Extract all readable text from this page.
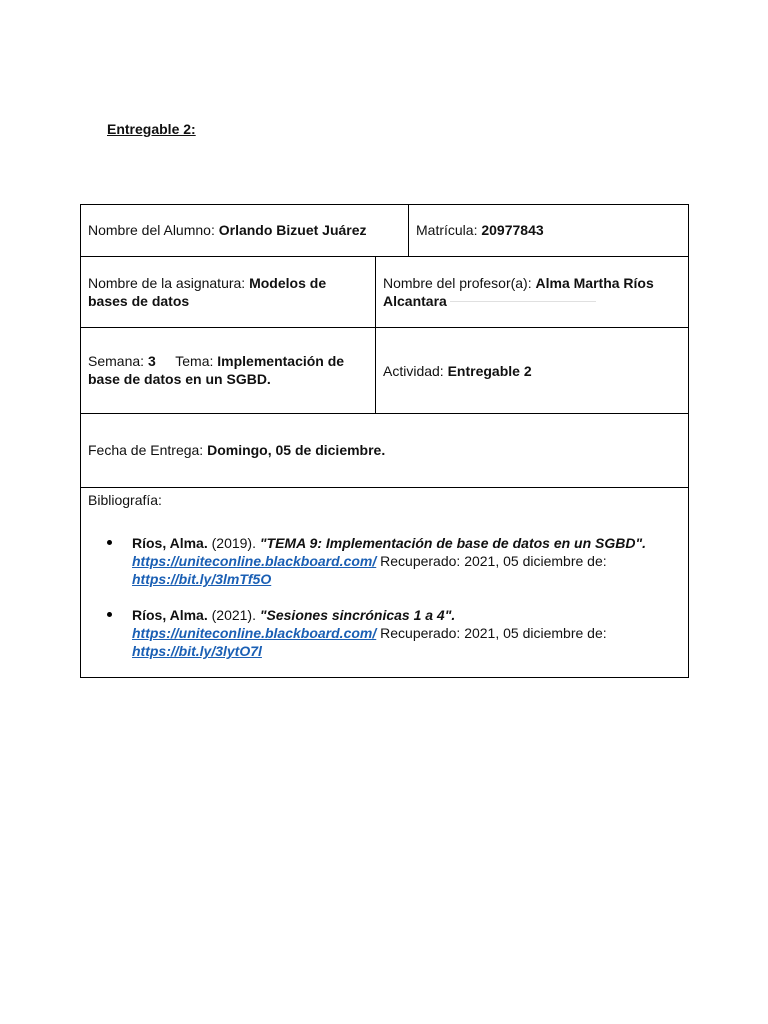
Entregable 2:
Nombre del Alumno: Orlando Bizuet Juárez	Matrícula: 20977843
Nombre de la asignatura: Modelos de
bases de datos
Nombre del profesor(a): Alma Martha Ríos
Alcantara
Semana: 3 Tema: Implementación de
base de datos en un SGBD.	Actividad: Entregable 2
Fecha de Entrega: Domingo, 05 de diciembre.
Bibliografía:
Ríos, Alma. (2019). "TEMA 9: Implementación de base de datos en un SGBD".
https://uniteconline.blackboard.com/ Recuperado: 2021, 05 diciembre de:
https://bit.ly/3lmTf5O
Ríos, Alma. (2021). "Sesiones sincrónicas 1 a 4".
https://uniteconline.blackboard.com/ Recuperado: 2021, 05 diciembre de:
https://bit.ly/3lytO7l
